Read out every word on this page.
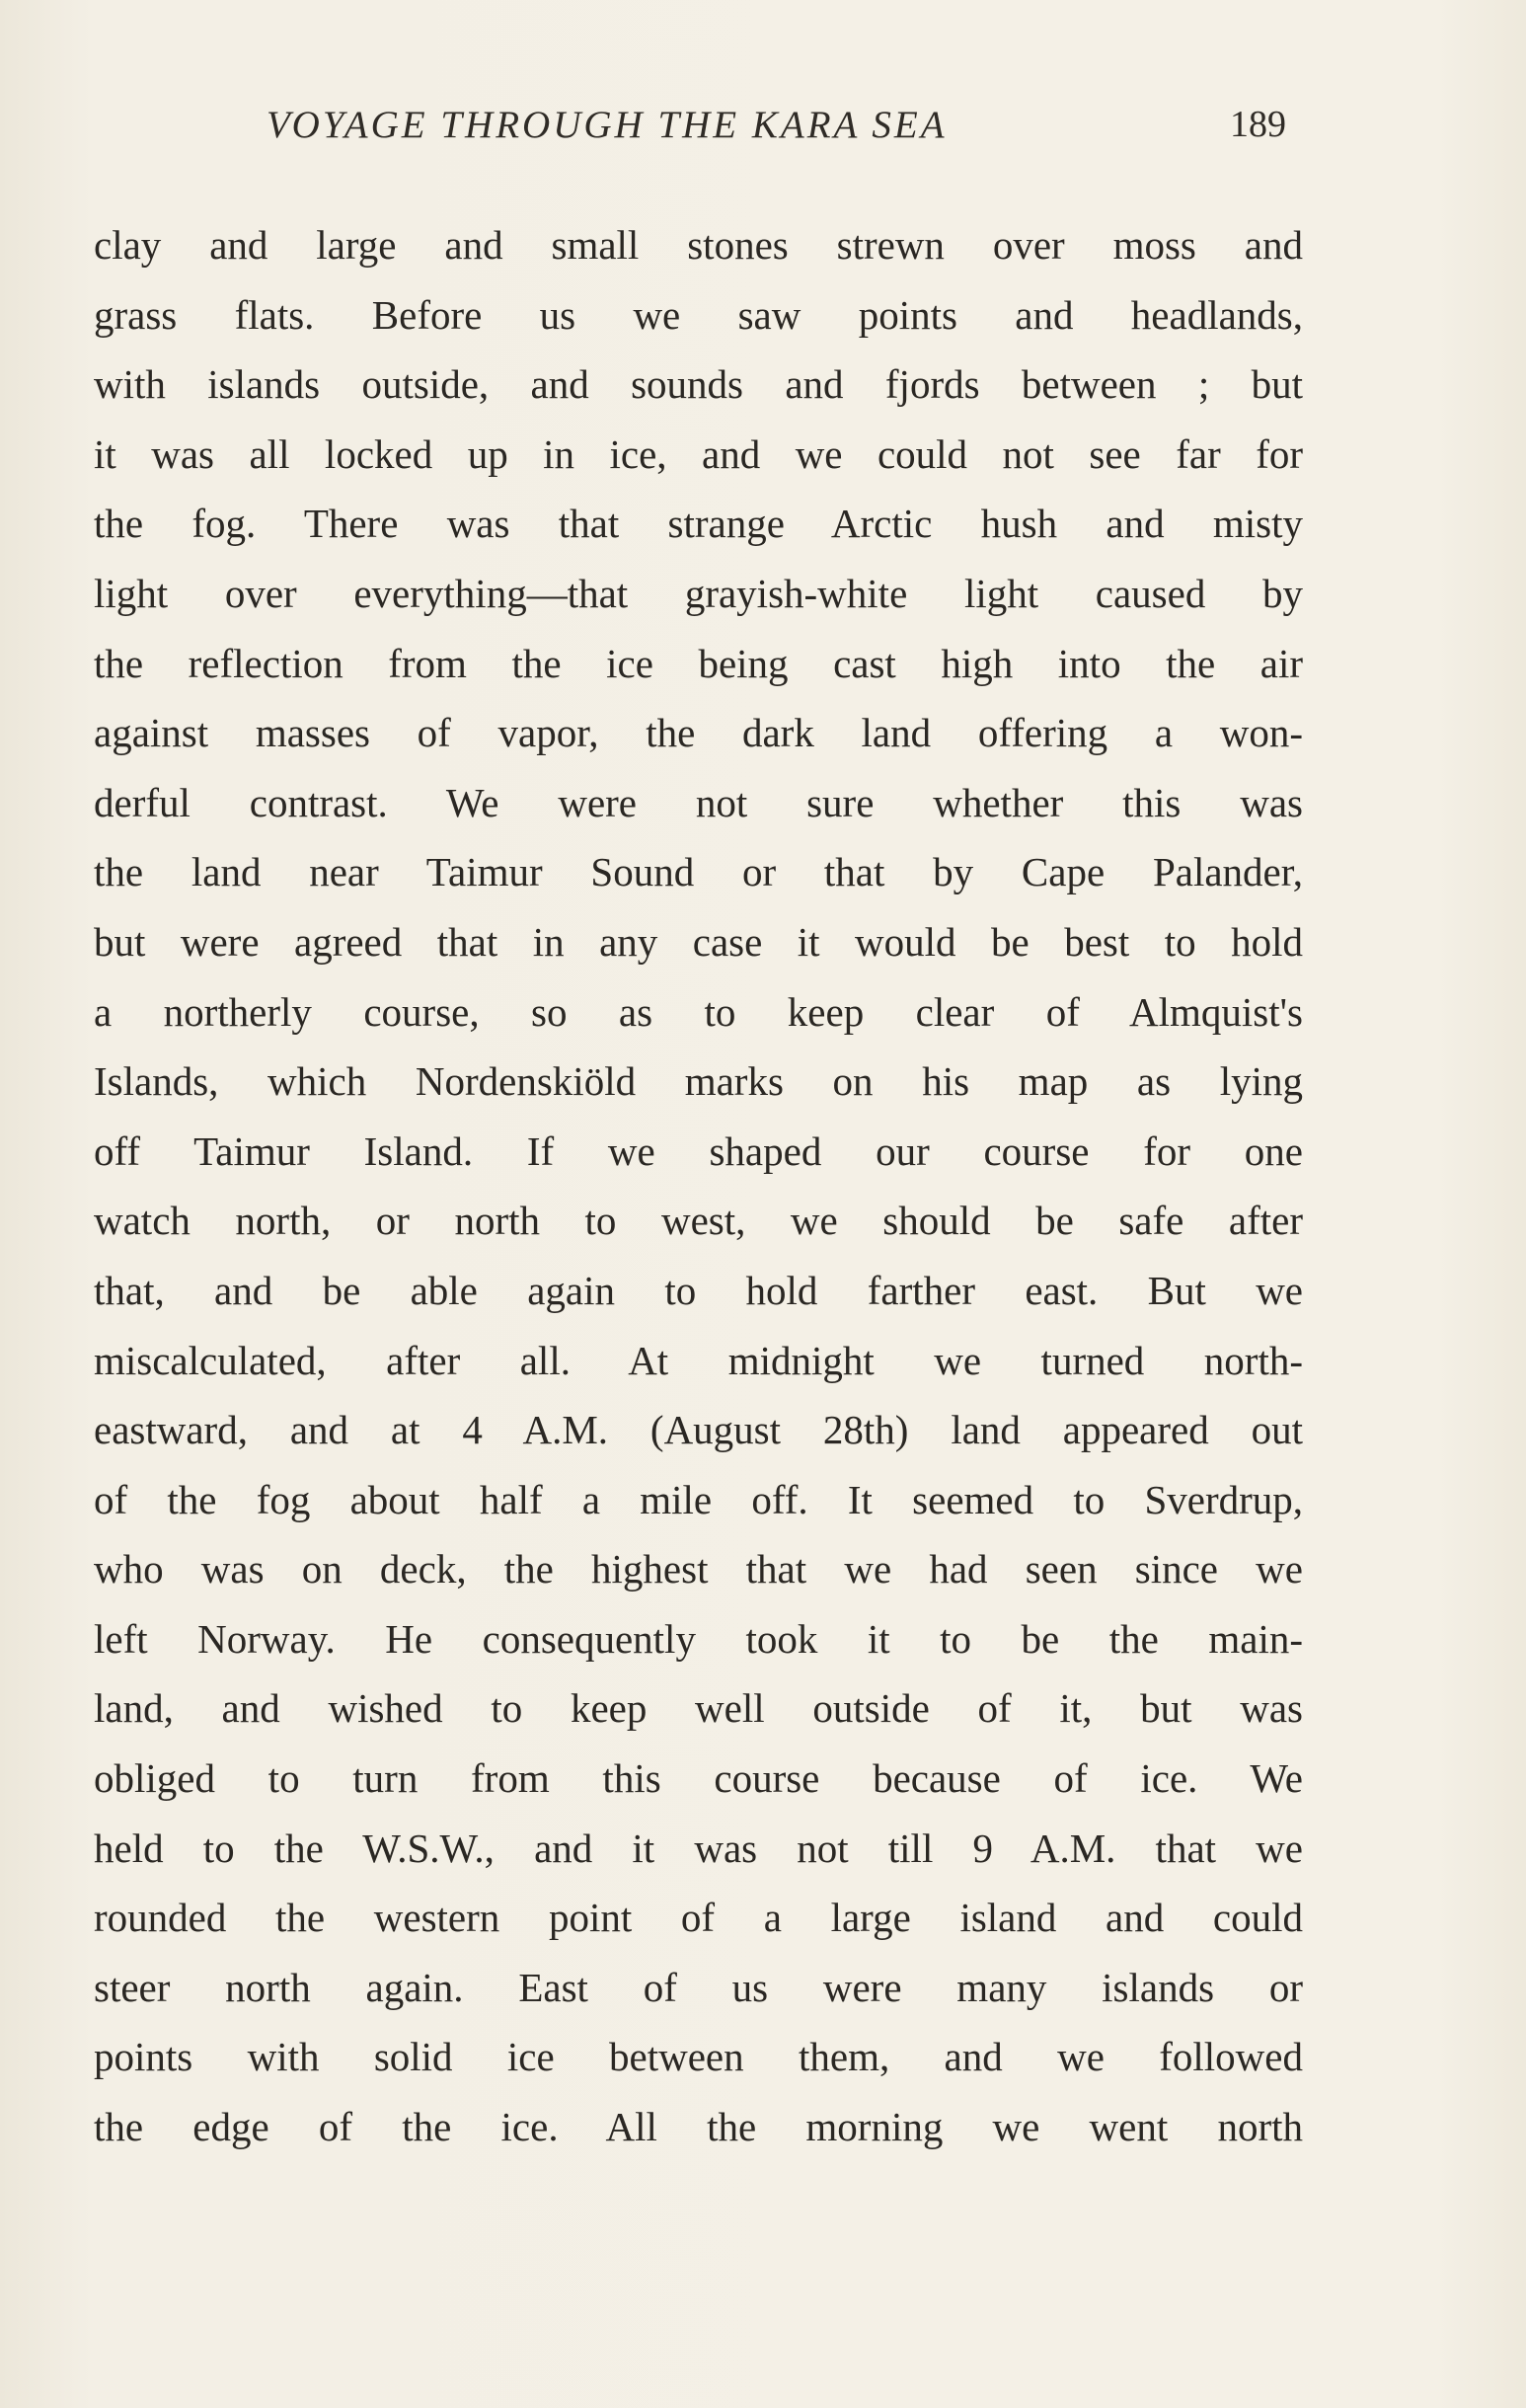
VOYAGE THROUGH THE KARA SEA	189
clay and large and small stones strewn over moss and
grass flats. Before us we saw points and headlands,
with islands outside, and sounds and fjords between ; but
it was all locked up in ice, and we could not see far for
the fog. There was that strange Arctic hush and misty
light over everything—that grayish-white light caused by
the reflection from the ice being cast high into the air
against masses of vapor, the dark land offering a won-
derful contrast. We were not sure whether this was
the land near Taimur Sound or that by Cape Palander,
but were agreed that in any case it would be best to hold
a northerly course, so as to keep clear of Almquist's
Islands, which Nordenskiöld marks on his map as lying
off Taimur Island. If we shaped our course for one
watch north, or north to west, we should be safe after
that, and be able again to hold farther east. But we
miscalculated, after all. At midnight we turned north-
eastward, and at 4 A.M. (August 28th) land appeared out
of the fog about half a mile off. It seemed to Sverdrup,
who was on deck, the highest that we had seen since we
left Norway. He consequently took it to be the main-
land, and wished to keep well outside of it, but was
obliged to turn from this course because of ice. We
held to the W.S.W., and it was not till 9 A.M. that we
rounded the western point of a large island and could
steer north again. East of us were many islands or
points with solid ice between them, and we followed
the edge of the ice. All the morning we went north
